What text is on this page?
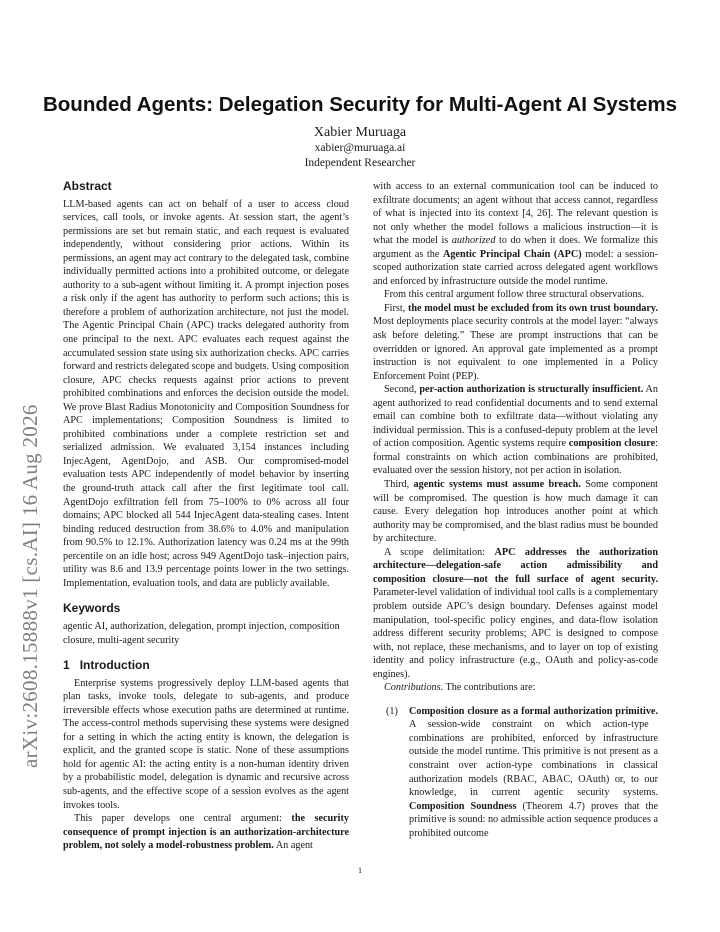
arXiv:2608.15888v1 [cs.AI] 16 Aug 2026
Bounded Agents: Delegation Security for Multi-Agent AI Systems
Xabier Muruaga
xabier@muruaga.ai
Independent Researcher
Abstract

LLM-based agents can act on behalf of a user to access cloud services, call tools, or invoke agents. At session start, the agent’s permissions are set but remain static, and each request is evaluated independently, without considering prior actions. Within its permissions, an agent may act contrary to the delegated task, combine individually permitted actions into a prohibited outcome, or delegate authority to a sub-agent without limiting it. A prompt injection poses a risk only if the agent has authority to perform such actions; this is therefore a problem of authorization architecture, not just the model. The Agentic Principal Chain (APC) tracks delegated authority from one principal to the next. APC evaluates each request against the accumulated session state using six authorization checks. APC carries forward and restricts delegated scope and budgets. Using composition closure, APC checks requests against prior actions to prevent prohibited combinations and enforces the decision outside the model. We prove Blast Radius Monotonicity and Composition Soundness for APC implementations; Composition Soundness is limited to prohibited combinations under a complete restriction set and serialized admission. We evaluated 3,154 instances including InjecAgent, AgentDojo, and ASB. Our compromised-model evaluation tests APC independently of model behavior by inserting the ground-truth attack call after the first legitimate tool call. AgentDojo exfiltration fell from 75–100% to 0% across all four domains; APC blocked all 544 InjecAgent data-stealing cases. Intent binding reduced destruction from 38.6% to 4.0% and manipulation from 90.5% to 12.1%. Authorization latency was 0.24 ms at the 99th percentile on an idle host; across 949 AgentDojo task–injection pairs, utility was 8.6 and 13.9 percentage points lower in the two settings. Implementation, evaluation tools, and data are publicly available.

Keywords

agentic AI, authorization, delegation, prompt injection, composition closure, multi-agent security

1 Introduction

Enterprise systems progressively deploy LLM-based agents that plan tasks, invoke tools, delegate to sub-agents, and produce irreversible effects whose execution paths are determined at runtime. The access-control methods supervising these systems were designed for a setting in which the acting entity is known, the delegation is explicit, and the granted scope is static. None of these assumptions hold for agentic AI: the acting entity is a non-human identity driven by a probabilistic model, delegation is dynamic and recursive across sub-agents, and the effective scope of a session evolves as the agent invokes tools.

This paper develops one central argument: the security consequence of prompt injection is an authorization-architecture problem, not solely a model-robustness problem. An agent

with access to an external communication tool can be induced to exfiltrate documents; an agent without that access cannot, regardless of what is injected into its context [4, 26]. The relevant question is not only whether the model follows a malicious instruction—it is what the model is authorized to do when it does. We formalize this argument as the Agentic Principal Chain (APC) model: a session-scoped authorization state carried across delegated agent workflows and enforced by infrastructure outside the model runtime.

From this central argument follow three structural observations.

First, the model must be excluded from its own trust boundary. Most deployments place security controls at the model layer: “always ask before deleting.” These are prompt instructions that can be overridden or ignored. An approval gate implemented as a prompt instruction is not equivalent to one implemented in a Policy Enforcement Point (PEP).

Second, per-action authorization is structurally insufficient. An agent authorized to read confidential documents and to send external email can combine both to exfiltrate data—without violating any individual permission. This is a confused-deputy problem at the level of action composition. Agentic systems require composition closure: formal constraints on which action combinations are prohibited, evaluated over the session history, not per action in isolation.

Third, agentic systems must assume breach. Some component will be compromised. The question is how much damage it can cause. Every delegation hop introduces another point at which authority may be compromised, and the blast radius must be bounded by architecture.

A scope delimitation: APC addresses the authorization architecture—delegation-safe action admissibility and composition closure—not the full surface of agent security. Parameter-level validation of individual tool calls is a complementary problem outside APC’s design boundary. Defenses against model manipulation, tool-specific policy engines, and data-flow isolation address different security problems; APC is designed to compose with, not replace, these mechanisms, and to layer on top of existing identity and policy infrastructure (e.g., OAuth and policy-as-code engines).

Contributions. The contributions are:

(1)	Composition closure as a formal authorization primitive. A session-wide constraint on which action-type combinations are prohibited, enforced by infrastructure outside the model runtime. This primitive is not present as a constraint over action-type combinations in classical authorization models (RBAC, ABAC, OAuth) or, to our knowledge, in current agentic security systems. Composition Soundness (Theorem 4.7) proves that the primitive is sound: no admissible action sequence produces a prohibited outcome
1
